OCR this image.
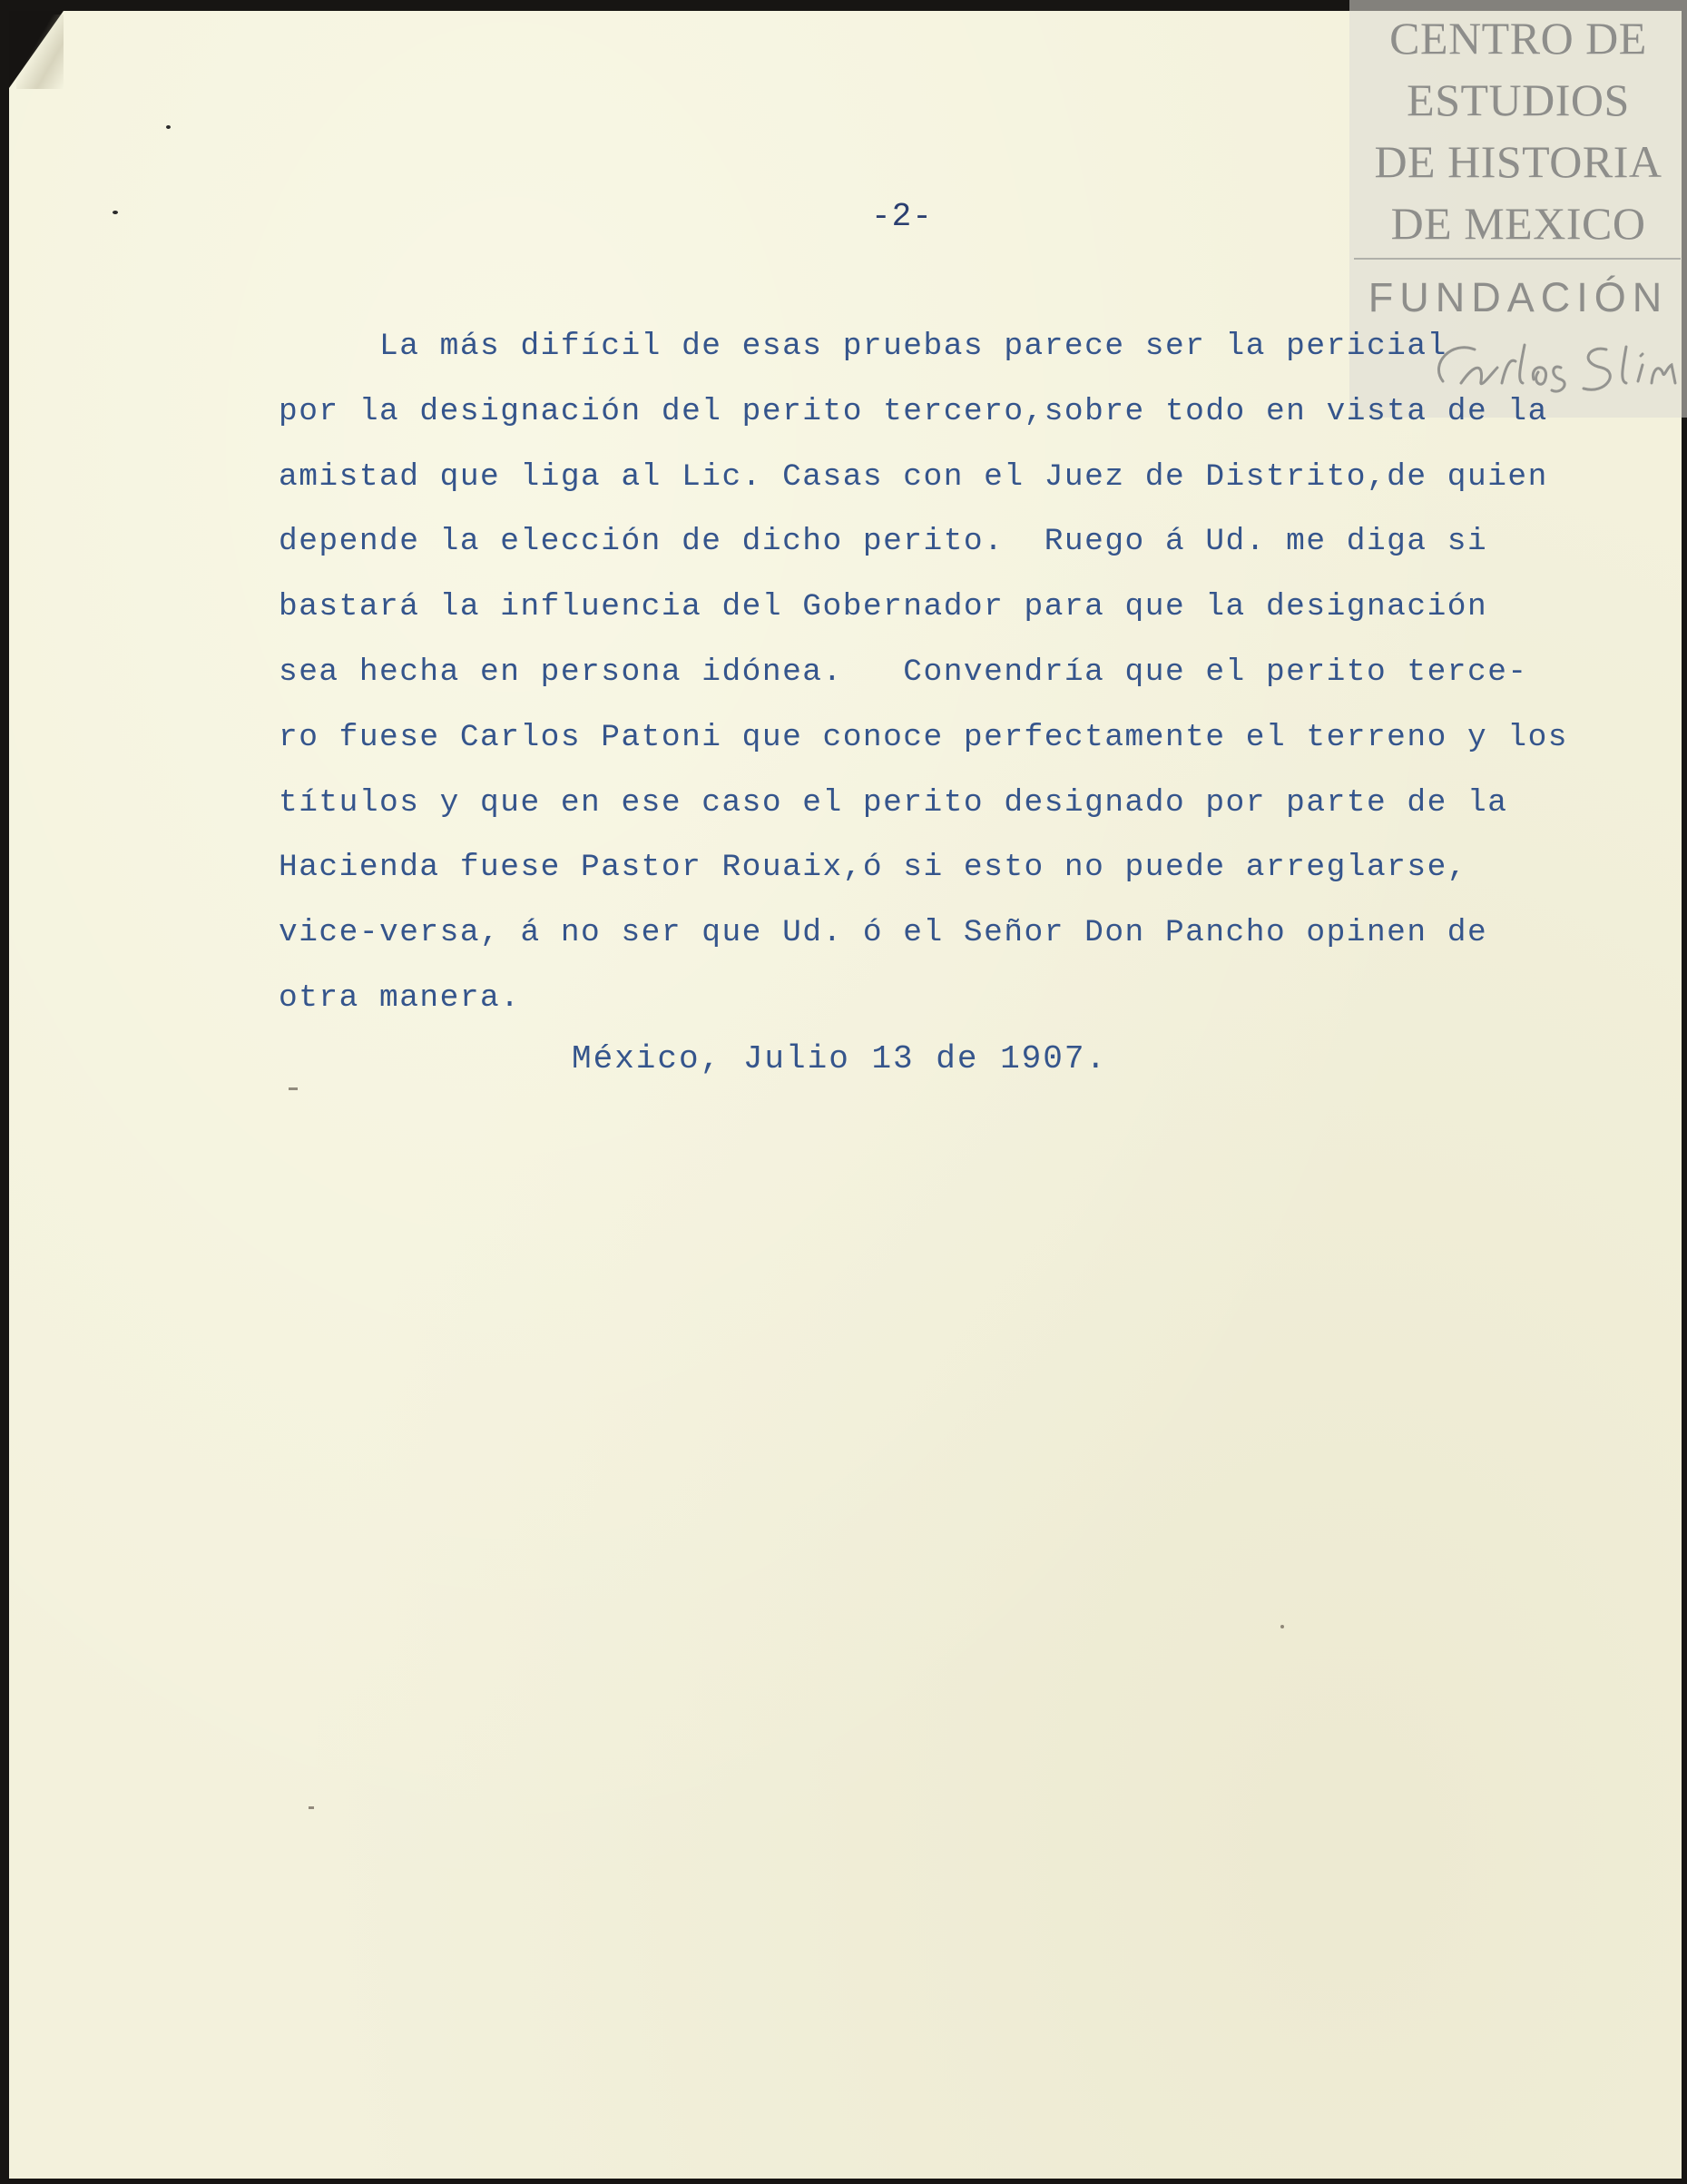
CENTRO DE
ESTUDIOS
DE HISTORIA
DE MEXICO
FUNDACIÓN
-2-
La más difícil de esas pruebas parece ser la pericial
por la designación del perito tercero,sobre todo en vista de la
amistad que liga al Lic. Casas con el Juez de Distrito,de quien
depende la elección de dicho perito.  Ruego á Ud. me diga si
bastará la influencia del Gobernador para que la designación
sea hecha en persona idónea.   Convendría que el perito terce-
ro fuese Carlos Patoni que conoce perfectamente el terreno y los
títulos y que en ese caso el perito designado por parte de la
Hacienda fuese Pastor Rouaix,ó si esto no puede arreglarse,
vice-versa, á no ser que Ud. ó el Señor Don Pancho opinen de
otra manera.
México, Julio 13 de 1907.
